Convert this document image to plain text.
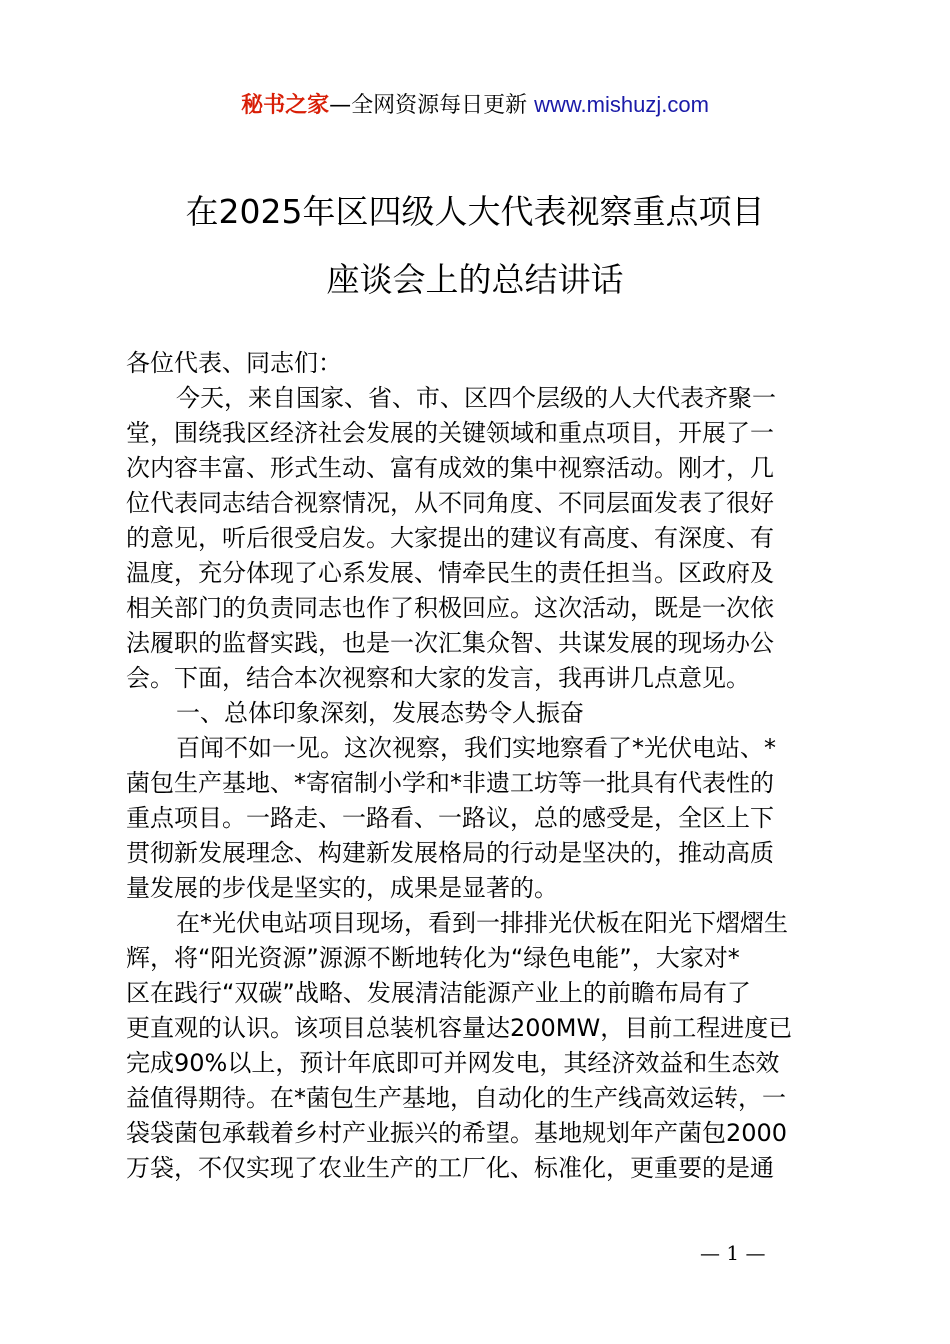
秘书之家—全网资源每日更新 www.mishuzj.com
在2025年区四级人大代表视察重点项目
座谈会上的总结讲话
各位代表、同志们：
今天，来自国家、省、市、区四个层级的人大代表齐聚一
堂，围绕我区经济社会发展的关键领域和重点项目，开展了一
次内容丰富、形式生动、富有成效的集中视察活动。刚才，几
位代表同志结合视察情况，从不同角度、不同层面发表了很好
的意见，听后很受启发。大家提出的建议有高度、有深度、有
温度，充分体现了心系发展、情牵民生的责任担当。区政府及
相关部门的负责同志也作了积极回应。这次活动，既是一次依
法履职的监督实践，也是一次汇集众智、共谋发展的现场办公
会。下面，结合本次视察和大家的发言，我再讲几点意见。
一、总体印象深刻，发展态势令人振奋
百闻不如一见。这次视察，我们实地察看了*光伏电站、*
菌包生产基地、*寄宿制小学和*非遗工坊等一批具有代表性的
重点项目。一路走、一路看、一路议，总的感受是，全区上下
贯彻新发展理念、构建新发展格局的行动是坚决的，推动高质
量发展的步伐是坚实的，成果是显著的。
在*光伏电站项目现场，看到一排排光伏板在阳光下熠熠生
辉，将“阳光资源”源源不断地转化为“绿色电能”，大家对*
区在践行“双碳”战略、发展清洁能源产业上的前瞻布局有了
更直观的认识。该项目总装机容量达200MW，目前工程进度已
完成90%以上，预计年底即可并网发电，其经济效益和生态效
益值得期待。在*菌包生产基地，自动化的生产线高效运转，一
袋袋菌包承载着乡村产业振兴的希望。基地规划年产菌包2000
万袋，不仅实现了农业生产的工厂化、标准化，更重要的是通
— 1 —
